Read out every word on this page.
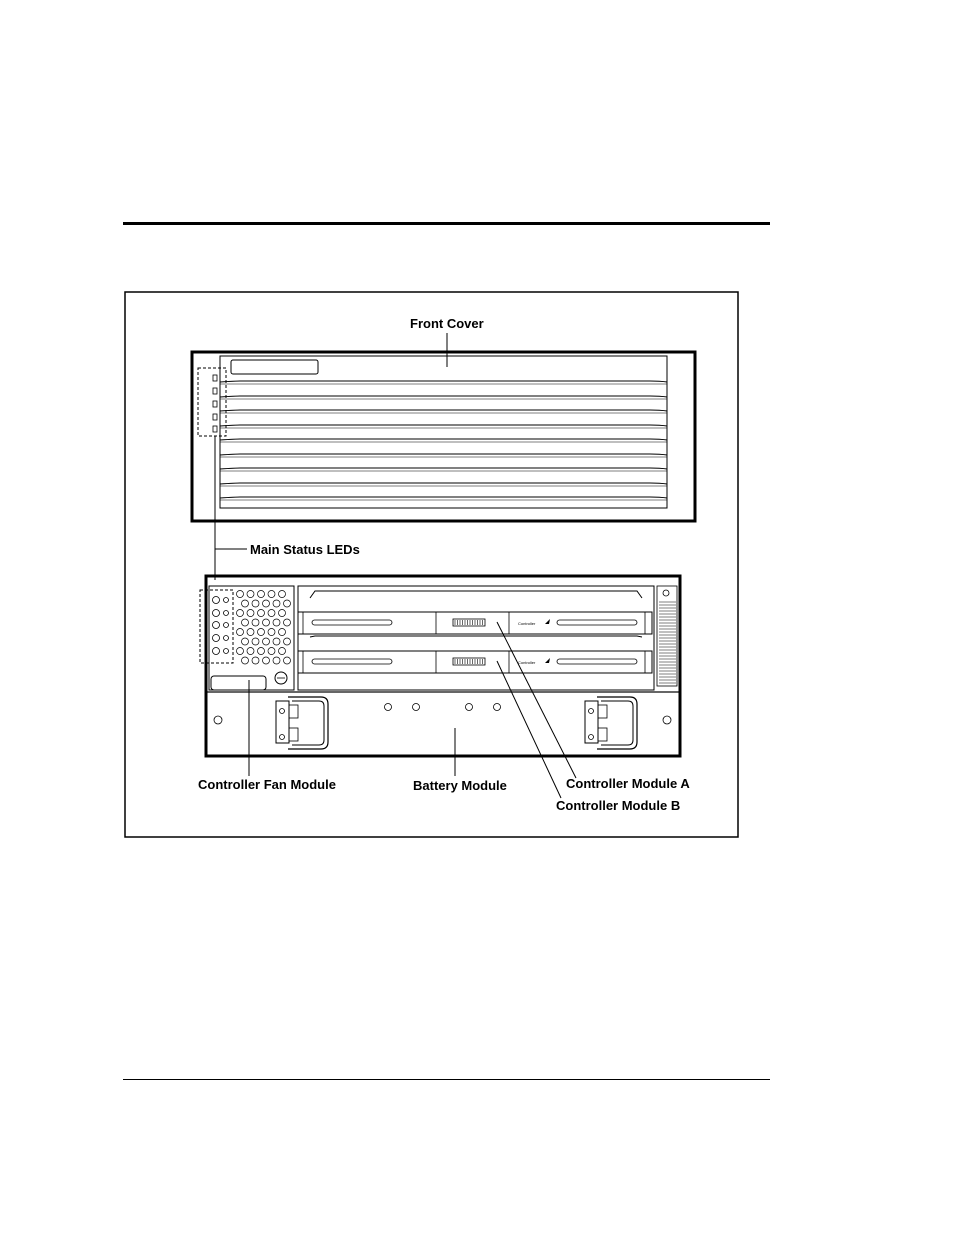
Controller
Controller
Front Cover
Main Status LEDs
Controller Fan Module	Battery Module	Controller Module A
Controller Module B
